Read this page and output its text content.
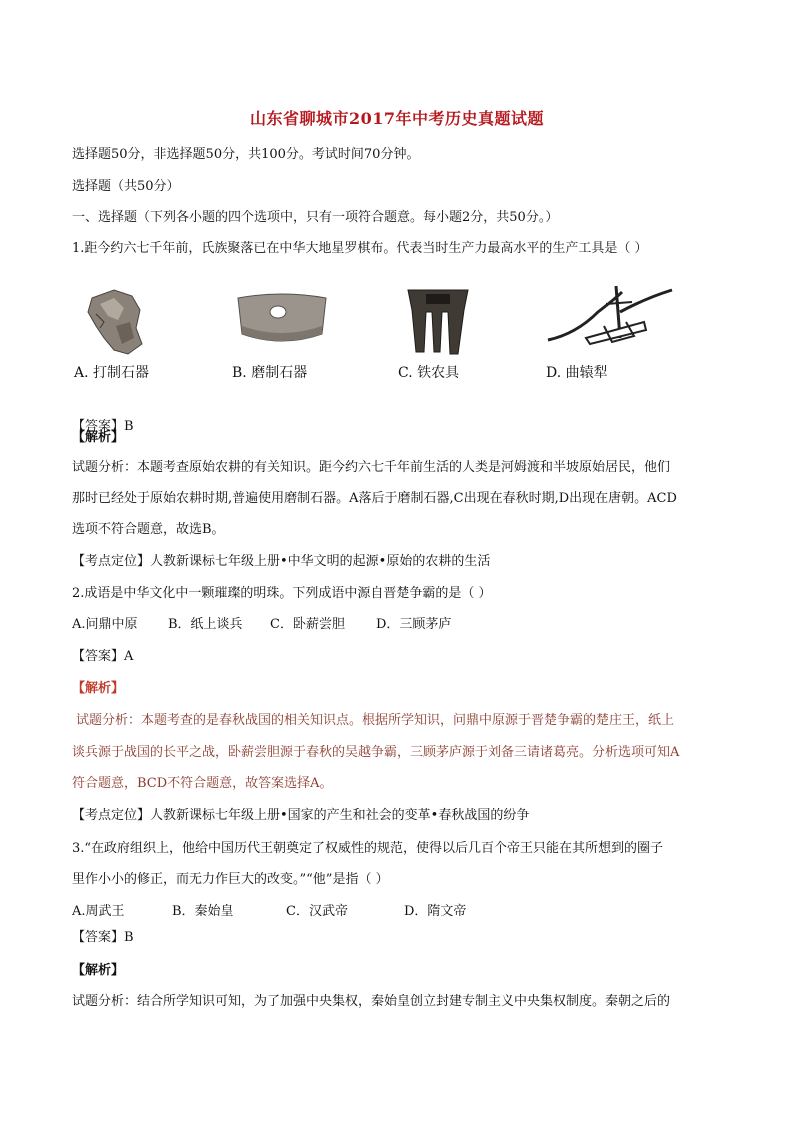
山东省聊城市2017年中考历史真题试题
选择题50分，非选择题50分，共100分。考试时间70分钟。
选择题（共50分）
一、选择题（下列各小题的四个选项中，只有一项符合题意。每小题2分，共50分。）
1.距今约六七千年前，氏族聚落已在中华大地星罗棋布。代表当时生产力最高水平的生产工具是（ ）
A. 打制石器	B. 磨制石器	C. 铁农具	D. 曲辕犁
【答案】B
【解析】
试题分析：本题考查原始农耕的有关知识。距今约六七千年前生活的人类是河姆渡和半坡原始居民，他们
那时已经处于原始农耕时期,普遍使用磨制石器。A落后于磨制石器,C出现在春秋时期,D出现在唐朝。ACD
选项不符合题意，故选B。
【考点定位】人教新课标七年级上册•中华文明的起源•原始的农耕的生活
2.成语是中华文化中一颗璀璨的明珠。下列成语中源自晋楚争霸的是（ ）
A.问鼎中原 B．纸上谈兵 C．卧薪尝胆 D．三顾茅庐
【答案】A
【解析】
试题分析：本题考查的是春秋战国的相关知识点。根据所学知识，问鼎中原源于晋楚争霸的楚庄王，纸上
谈兵源于战国的长平之战，卧薪尝胆源于春秋的吴越争霸，三顾茅庐源于刘备三请诸葛亮。分析选项可知A
符合题意，BCD不符合题意，故答案选择A。
【考点定位】人教新课标七年级上册•国家的产生和社会的变革•春秋战国的纷争
3.“在政府组织上，他给中国历代王朝奠定了权威性的规范，使得以后几百个帝王只能在其所想到的圈子
里作小小的修正，而无力作巨大的改变。”“他”是指（ ）
A.周武王	B．秦始皇	C．汉武帝	D．隋文帝
【答案】B
【解析】
试题分析：结合所学知识可知，为了加强中央集权，秦始皇创立封建专制主义中央集权制度。秦朝之后的
